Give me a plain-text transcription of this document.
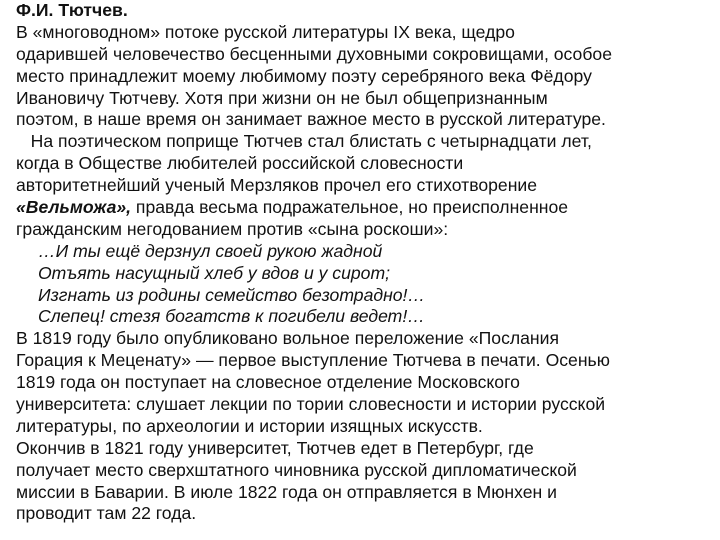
Ф.И. Тютчев.
В «многоводном» потоке русской литературы IX века, щедро
одарившей человечество бесценными духовными сокровищами, особое
место принадлежит моему любимому поэту серебряного века Фёдору
Ивановичу Тютчеву. Хотя при жизни он не был общепризнанным
поэтом, в наше время он занимает важное место в русской литературе.
На поэтическом поприще Тютчев стал блистать с четырнадцати лет,
когда в Обществе любителей российской словесности
авторитетнейший ученый Мерзляков прочел его стихотворение
«Вельможа», правда весьма подражательное, но преисполненное
гражданским негодованием против «сына роскоши»:
…И ты ещё дерзнул своей рукою жадной
Отъять насущный хлеб у вдов и у сирот;
Изгнать из родины семейство безотрадно!…
Слепец! стезя богатств к погибели ведет!…
В 1819 году было опубликовано вольное переложение «Послания
Горация к Меценату» — первое выступление Тютчева в печати. Осенью
1819 года он поступает на словесное отделение Московского
университета: слушает лекции по тории словесности и истории русской
литературы, по археологии и истории изящных искусств.
Окончив в 1821 году университет, Тютчев едет в Петербург, где
получает место сверхштатного чиновника русской дипломатической
миссии в Баварии. В июле 1822 года он отправляется в Мюнхен и
проводит там 22 года.
